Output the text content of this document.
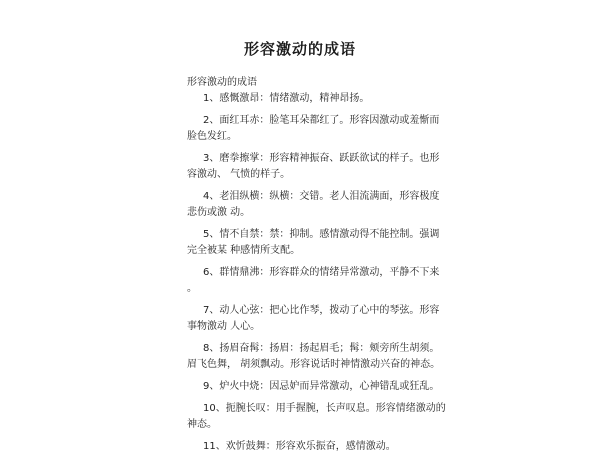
形容激动的成语
形容激动的成语
1、感慨激昂：情绪激动，精神昂扬。
2、面红耳赤：脸笔耳朵都红了。形容因激动或羞惭而
脸色发红。
3、磨拳擦掌：形容精神振奋、跃跃欲试的样子。也形
容激动、 气愤的样子。
4、老泪纵横：纵横：交错。老人泪流满面，形容极度
悲伤或激 动。
5、情不自禁：禁：抑制。感情激动得不能控制。强调
完全被某 种感情所支配。
6、群情鼎沸：形容群众的情绪异常激动，平静不下来
。
7、动人心弦：把心比作琴，拨动了心中的琴弦。形容
事物激动 人心。
8、扬眉奋髯：扬眉：扬起眉毛；髯：颊旁所生胡须。
眉飞色舞， 胡须飘动。形容说话时神情激动兴奋的神态。
9、炉火中烧：因忌妒而异常激动，心神错乱或狂乱。
10、扼腕长叹：用手握腕，长声叹息。形容情绪激动的
神态。
11、欢忻鼓舞：形容欢乐振奋，感情激动。
